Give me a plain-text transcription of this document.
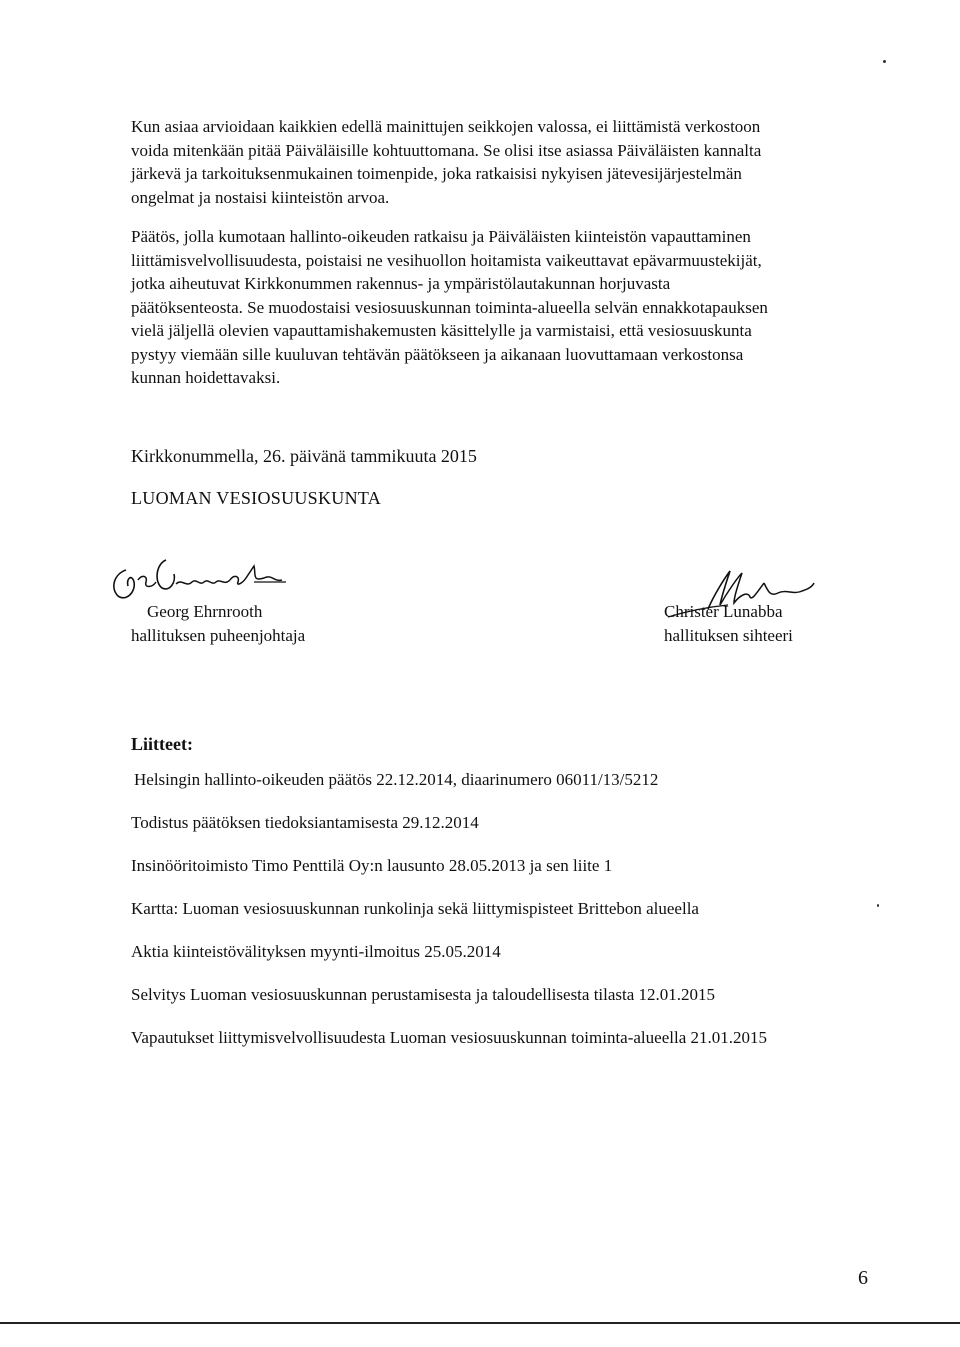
Kun asiaa arvioidaan kaikkien edellä mainittujen seikkojen valossa, ei liittämistä verkostoon
voida mitenkään pitää Päiväläisille kohtuuttomana. Se olisi itse asiassa Päiväläisten kannalta
järkevä ja tarkoituksenmukainen toimenpide, joka ratkaisisi nykyisen jätevesijärjestelmän
ongelmat ja nostaisi kiinteistön arvoa.

Päätös, jolla kumotaan hallinto-oikeuden ratkaisu ja Päiväläisten kiinteistön vapauttaminen
liittämisvelvollisuudesta, poistaisi ne vesihuollon hoitamista vaikeuttavat epävarmuustekijät,
jotka aiheutuvat Kirkkonummen rakennus- ja ympäristölautakunnan horjuvasta
päätöksenteosta. Se muodostaisi vesiosuuskunnan toiminta-alueella selvän ennakkotapauksen
vielä jäljellä olevien vapauttamishakemusten käsittelylle ja varmistaisi, että vesiosuuskunta
pystyy viemään sille kuuluvan tehtävän päätökseen ja aikanaan luovuttamaan verkostonsa
kunnan hoidettavaksi.

Kirkkonummella, 26. päivänä tammikuuta 2015
LUOMAN VESIOSUUSKUNTA
Georg Ehrnrooth
hallituksen puheenjohtaja
Christer Lunabba
hallituksen sihteeri
Liitteet:
Helsingin hallinto-oikeuden päätös 22.12.2014, diaarinumero 06011/13/5212
Todistus päätöksen tiedoksiantamisesta 29.12.2014
Insinööritoimisto Timo Penttilä Oy:n lausunto 28.05.2013 ja sen liite 1
Kartta: Luoman vesiosuuskunnan runkolinja sekä liittymispisteet Brittebon alueella
Aktia kiinteistövälityksen myynti-ilmoitus 25.05.2014
Selvitys Luoman vesiosuuskunnan perustamisesta ja taloudellisesta tilasta 12.01.2015
Vapautukset liittymisvelvollisuudesta Luoman vesiosuuskunnan toiminta-alueella 21.01.2015
6
